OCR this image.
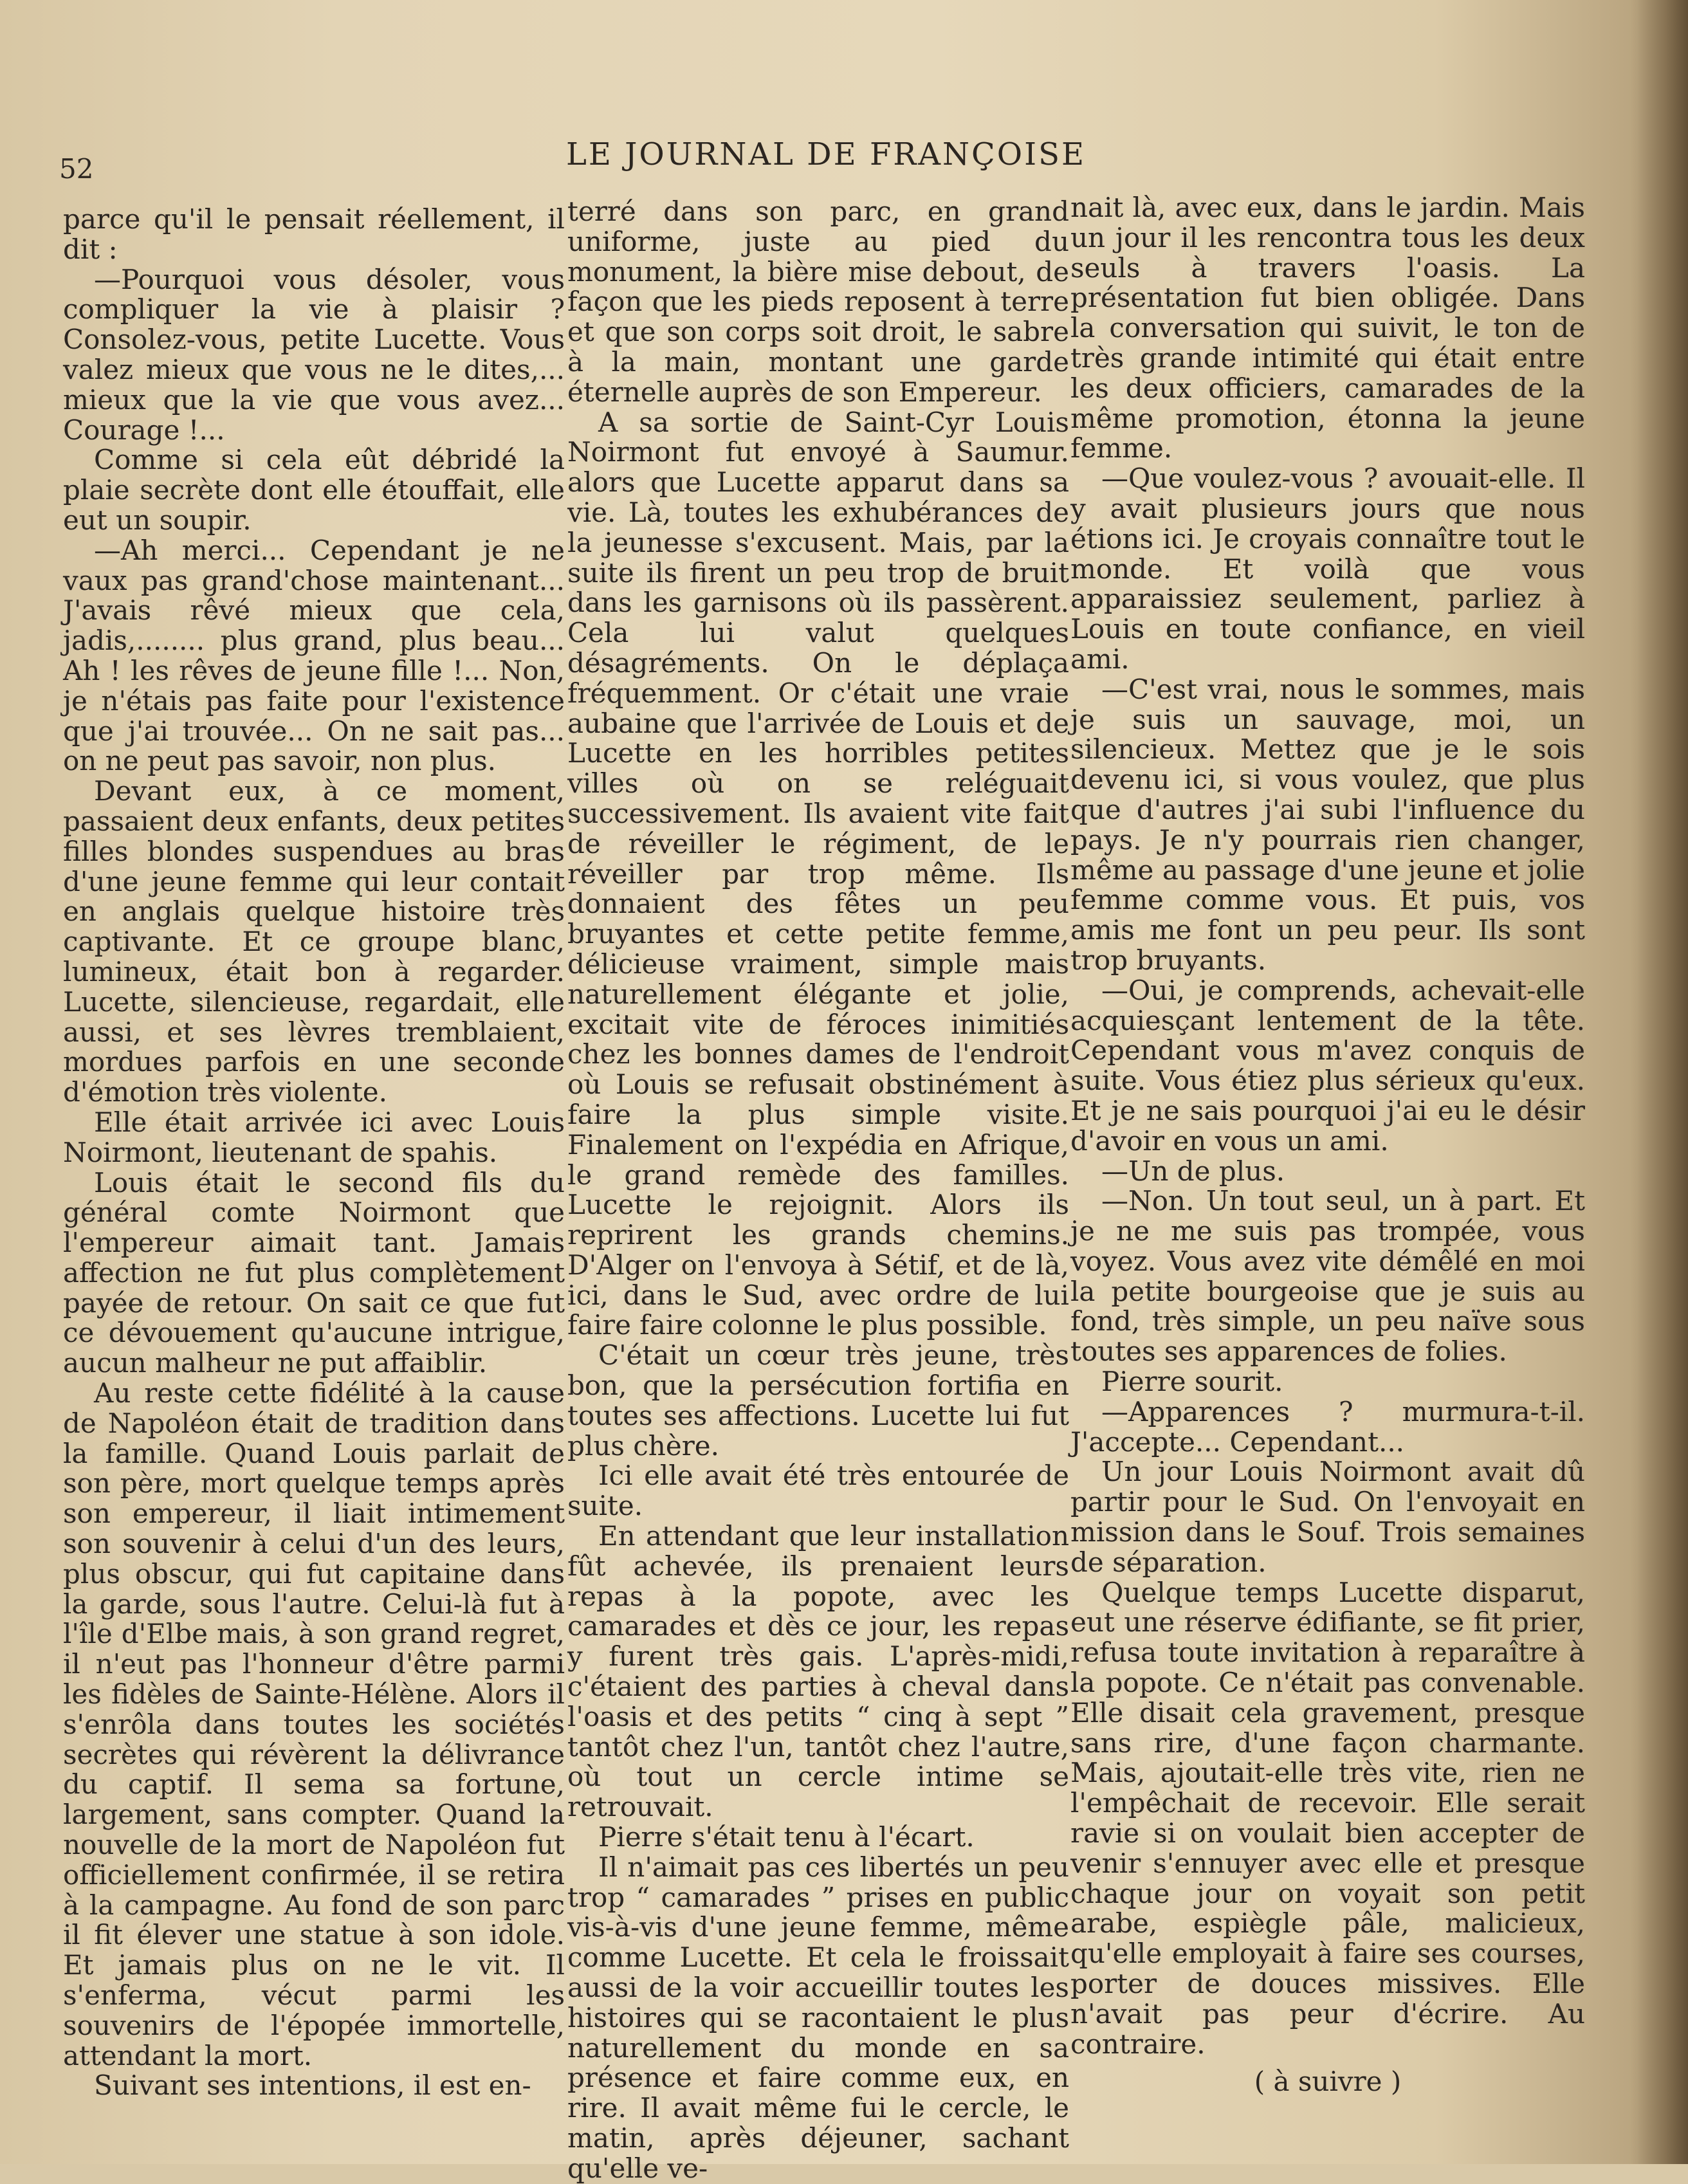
52	LE JOURNAL DE FRANÇOISE

parce qu'il le pensait réellement, il dit :

—Pourquoi vous désoler, vous compliquer la vie à plaisir ? Consolez-vous, petite Lucette. Vous valez mieux que vous ne le dites,... mieux que la vie que vous avez... Courage !...

Comme si cela eût débridé la plaie secrète dont elle étouffait, elle eut un soupir.

—Ah merci... Cependant je ne vaux pas grand'chose maintenant... J'avais rêvé mieux que cela, jadis,........ plus grand, plus beau... Ah ! les rêves de jeune fille !... Non, je n'étais pas faite pour l'existence que j'ai trouvée... On ne sait pas... on ne peut pas savoir, non plus.

Devant eux, à ce moment, passaient deux enfants, deux petites filles blondes suspendues au bras d'une jeune femme qui leur contait en anglais quelque histoire très captivante. Et ce groupe blanc, lumineux, était bon à regarder. Lucette, silencieuse, regardait, elle aussi, et ses lèvres tremblaient, mordues parfois en une seconde d'émotion très violente.

Elle était arrivée ici avec Louis Noirmont, lieutenant de spahis.

Louis était le second fils du général comte Noirmont que l'empereur aimait tant. Jamais affection ne fut plus complètement payée de retour. On sait ce que fut ce dévouement qu'aucune intrigue, aucun malheur ne put affaiblir.

Au reste cette fidélité à la cause de Napoléon était de tradition dans la famille. Quand Louis parlait de son père, mort quelque temps après son empereur, il liait intimement son souvenir à celui d'un des leurs, plus obscur, qui fut capitaine dans la garde, sous l'autre. Celui-là fut à l'île d'Elbe mais, à son grand regret, il n'eut pas l'honneur d'être parmi les fidèles de Sainte-Hélène. Alors il s'enrôla dans toutes les sociétés secrètes qui révèrent la délivrance du captif. Il sema sa fortune, largement, sans compter. Quand la nouvelle de la mort de Napoléon fut officiellement confirmée, il se retira à la campagne. Au fond de son parc il fit élever une statue à son idole. Et jamais plus on ne le vit. Il s'enferma, vécut parmi les souvenirs de l'épopée immortelle, attendant la mort.

Suivant ses intentions, il est en-

terré dans son parc, en grand uniforme, juste au pied du monument, la bière mise debout, de façon que les pieds reposent à terre et que son corps soit droit, le sabre à la main, montant une garde éternelle auprès de son Empereur.

A sa sortie de Saint-Cyr Louis Noirmont fut envoyé à Saumur. alors que Lucette apparut dans sa vie. Là, toutes les exhubérances de la jeunesse s'excusent. Mais, par la suite ils firent un peu trop de bruit dans les garnisons où ils passèrent. Cela lui valut quelques désagréments. On le déplaça fréquemment. Or c'était une vraie aubaine que l'arrivée de Louis et de Lucette en les horribles petites villes où on se reléguait successivement. Ils avaient vite fait de réveiller le régiment, de le réveiller par trop même. Ils donnaient des fêtes un peu bruyantes et cette petite femme, délicieuse vraiment, simple mais naturellement élégante et jolie, excitait vite de féroces inimitiés chez les bonnes dames de l'endroit où Louis se refusait obstinément à faire la plus simple visite. Finalement on l'expédia en Afrique, le grand remède des familles. Lucette le rejoignit. Alors ils reprirent les grands chemins. D'Alger on l'envoya à Sétif, et de là, ici, dans le Sud, avec ordre de lui faire faire colonne le plus possible.

C'était un cœur très jeune, très bon, que la persécution fortifia en toutes ses affections. Lucette lui fut plus chère.

Ici elle avait été très entourée de suite.

En attendant que leur installation fût achevée, ils prenaient leurs repas à la popote, avec les camarades et dès ce jour, les repas y furent très gais. L'après-midi, c'étaient des parties à cheval dans l'oasis et des petits “ cinq à sept ” tantôt chez l'un, tantôt chez l'autre, où tout un cercle intime se retrouvait.

Pierre s'était tenu à l'écart.

Il n'aimait pas ces libertés un peu trop “ camarades ” prises en public vis-à-vis d'une jeune femme, même comme Lucette. Et cela le froissait aussi de la voir accueillir toutes les histoires qui se racontaient le plus naturellement du monde en sa présence et faire comme eux, en rire. Il avait même fui le cercle, le matin, après déjeuner, sachant qu'elle ve-

nait là, avec eux, dans le jardin. Mais un jour il les rencontra tous les deux seuls à travers l'oasis. La présentation fut bien obligée. Dans la conversation qui suivit, le ton de très grande intimité qui était entre les deux officiers, camarades de la même promotion, étonna la jeune femme.

—Que voulez-vous ? avouait-elle. Il y avait plusieurs jours que nous étions ici. Je croyais connaître tout le monde. Et voilà que vous apparaissiez seulement, parliez à Louis en toute confiance, en vieil ami.

—C'est vrai, nous le sommes, mais je suis un sauvage, moi, un silencieux. Mettez que je le sois devenu ici, si vous voulez, que plus que d'autres j'ai subi l'influence du pays. Je n'y pourrais rien changer, même au passage d'une jeune et jolie femme comme vous. Et puis, vos amis me font un peu peur. Ils sont trop bruyants.

—Oui, je comprends, achevait-elle acquiesçant lentement de la tête. Cependant vous m'avez conquis de suite. Vous étiez plus sérieux qu'eux. Et je ne sais pourquoi j'ai eu le désir d'avoir en vous un ami.

—Un de plus.

—Non. Un tout seul, un à part. Et je ne me suis pas trompée, vous voyez. Vous avez vite démêlé en moi la petite bourgeoise que je suis au fond, très simple, un peu naïve sous toutes ses apparences de folies.

Pierre sourit.

—Apparences ? murmura-t-il. J'accepte... Cependant...

Un jour Louis Noirmont avait dû partir pour le Sud. On l'envoyait en mission dans le Souf. Trois semaines de séparation.

Quelque temps Lucette disparut, eut une réserve édifiante, se fit prier, refusa toute invitation à reparaître à la popote. Ce n'était pas convenable. Elle disait cela gravement, presque sans rire, d'une façon charmante. Mais, ajoutait-elle très vite, rien ne l'empêchait de recevoir. Elle serait ravie si on voulait bien accepter de venir s'ennuyer avec elle et presque chaque jour on voyait son petit arabe, espiègle pâle, malicieux, qu'elle employait à faire ses courses, porter de douces missives. Elle n'avait pas peur d'écrire. Au contraire.

( à suivre )
